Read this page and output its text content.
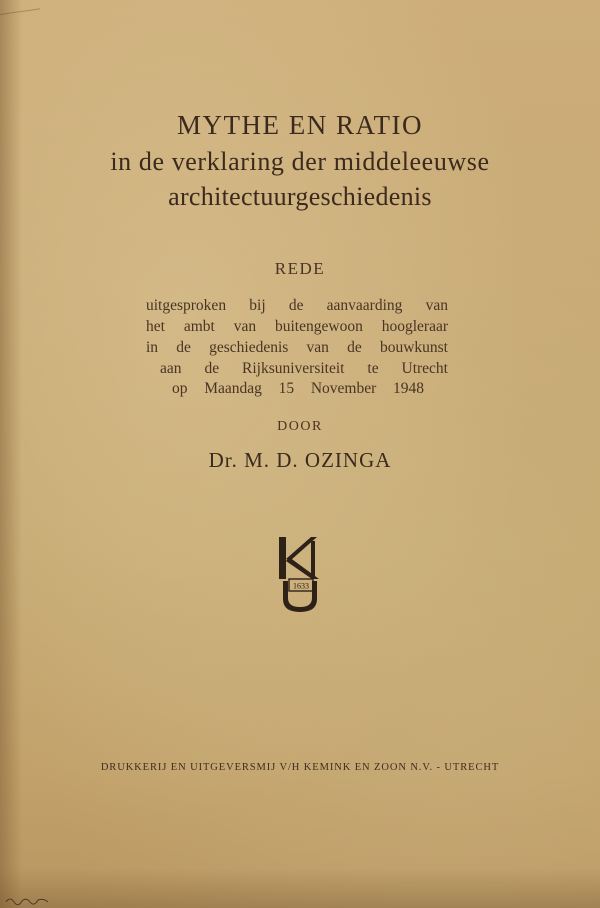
MYTHE EN RATIO
in de verklaring der middeleeuwse
architectuurgeschiedenis
REDE
uitgesproken bij de aanvaarding van
het ambt van buitengewoon hoogleraar
in de geschiedenis van de bouwkunst
aan de Rijksuniversiteit te Utrecht
op Maandag 15 November 1948
DOOR
Dr. M. D. OZINGA
1633
DRUKKERIJ EN UITGEVERSMIJ V/H KEMINK EN ZOON N.V. - UTRECHT
